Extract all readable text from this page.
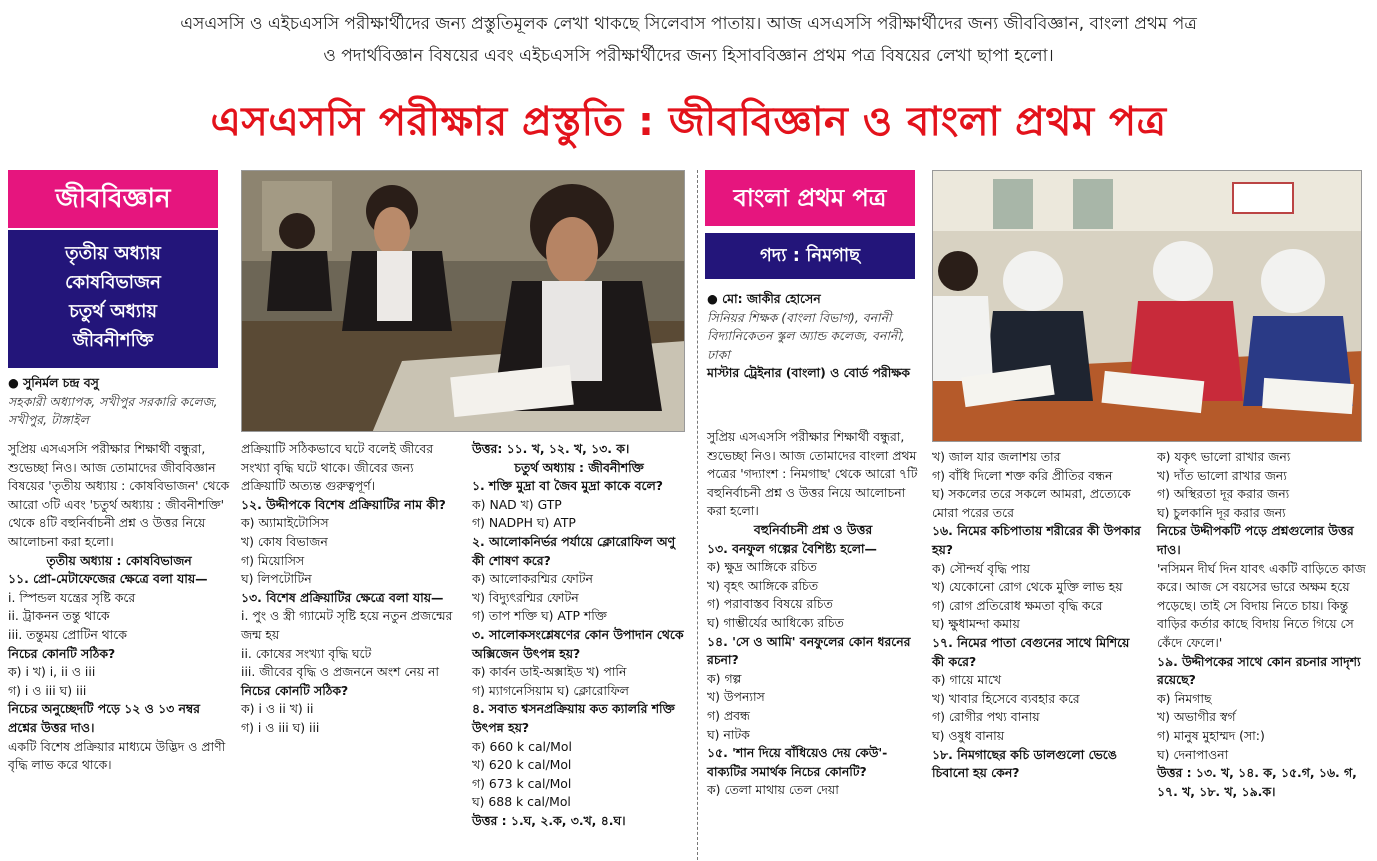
এসএসসি ও এইচএসসি পরীক্ষার্থীদের জন্য প্রস্তুতিমূলক লেখা থাকছে সিলেবাস পাতায়। আজ এসএসসি পরীক্ষার্থীদের জন্য জীববিজ্ঞান, বাংলা প্রথম পত্র
ও পদার্থবিজ্ঞান বিষয়ের এবং এইচএসসি পরীক্ষার্থীদের জন্য হিসাববিজ্ঞান প্রথম পত্র বিষয়ের লেখা ছাপা হলো।
এসএসসি পরীক্ষার প্রস্তুতি : জীববিজ্ঞান ও বাংলা প্রথম পত্র
জীববিজ্ঞান
তৃতীয় অধ্যায়
কোষবিভাজন
চতুর্থ অধ্যায়
জীবনীশক্তি
● সুনির্মল চন্দ্র বসু
সহকারী অধ্যাপক, সখীপুর সরকারি কলেজ, সখীপুর, টাঙ্গাইল

সুপ্রিয় এসএসসি পরীক্ষার শিক্ষার্থী বন্ধুরা, শুভেচ্ছা নিও। আজ তোমাদের জীববিজ্ঞান বিষয়ের 'তৃতীয় অধ্যায় : কোষবিভাজন' থেকে আরো ৩টি এবং 'চতুর্থ অধ্যায় : জীবনীশক্তি' থেকে ৪টি বহুনির্বাচনী প্রশ্ন ও উত্তর নিয়ে আলোচনা করা হলো।

তৃতীয় অধ্যায় : কোষবিভাজন

১১. প্রো-মেটাফেজের ক্ষেত্রে বলা যায়—

i. স্পিন্ডল যন্ত্রের সৃষ্টি করে

ii. ট্রাকনন তন্তু থাকে

iii. তন্তুময় প্রোটিন থাকে

নিচের কোনটি সঠিক?

ক) i খ) i, ii ও iii

গ) i ও iii ঘ) iii

নিচের অনুচ্ছেদটি পড়ে ১২ ও ১৩ নম্বর প্রশ্নের উত্তর দাও।

একটি বিশেষ প্রক্রিয়ার মাধ্যমে উদ্ভিদ ও প্রাণী বৃদ্ধি লাভ করে থাকে।

প্রক্রিয়াটি সঠিকভাবে ঘটে বলেই জীবের সংখ্যা বৃদ্ধি ঘটে থাকে। জীবের জন্য প্রক্রিয়াটি অত্যন্ত গুরুত্বপূর্ণ।

১২. উদ্দীপকে বিশেষ প্রক্রিয়াটির নাম কী?

ক) অ্যামাইটোসিস

খ) কোষ বিভাজন

গ) মিয়োসিস

ঘ) লিপটোটিন

১৩. বিশেষ প্রক্রিয়াটির ক্ষেত্রে বলা যায়—

i. পুং ও স্ত্রী গ্যামেট সৃষ্টি হয়ে নতুন প্রজন্মের জন্ম হয়

ii. কোষের সংখ্যা বৃদ্ধি ঘটে

iii. জীবের বৃদ্ধি ও প্রজননে অংশ নেয় না

নিচের কোনটি সঠিক?

ক) i ও ii খ) ii

গ) i ও iii ঘ) iii

উত্তর: ১১. খ, ১২. খ, ১৩. ক।

চতুর্থ অধ্যায় : জীবনীশক্তি

১. শক্তি মুদ্রা বা জৈব মুদ্রা কাকে বলে?

ক) NAD খ) GTP

গ) NADPH ঘ) ATP

২. আলোকনির্ভর পর্যায়ে ক্লোরোফিল অণু কী শোষণ করে?

ক) আলোকরশ্মির ফোটন

খ) বিদ্যুৎরশ্মির ফোটন

গ) তাপ শক্তি ঘ) ATP শক্তি

৩. সালোকসংশ্লেষণের কোন উপাদান থেকে অক্সিজেন উৎপন্ন হয়?

ক) কার্বন ডাই-অক্সাইড খ) পানি

গ) ম্যাগনেসিয়াম ঘ) ক্লোরোফিল

৪. সবাত শ্বসনপ্রক্রিয়ায় কত ক্যালরি শক্তি উৎপন্ন হয়?

ক) 660 k cal/Mol

খ) 620 k cal/Mol

গ) 673 k cal/Mol

ঘ) 688 k cal/Mol

উত্তর : ১.ঘ, ২.ক, ৩.খ, ৪.ঘ।

বাংলা প্রথম পত্র
গদ্য : নিমগাছ
● মো: জাকীর হোসেন
সিনিয়র শিক্ষক (বাংলা বিভাগ), বনানী বিদ্যানিকেতন স্কুল অ্যান্ড কলেজ, বনানী, ঢাকা
মাস্টার ট্রেইনার (বাংলা) ও বোর্ড পরীক্ষক

সুপ্রিয় এসএসসি পরীক্ষার শিক্ষার্থী বন্ধুরা, শুভেচ্ছা নিও। আজ তোমাদের বাংলা প্রথম পত্রের 'গদ্যাংশ : নিমগাছ' থেকে আরো ৭টি বহুনির্বাচনী প্রশ্ন ও উত্তর নিয়ে আলোচনা করা হলো।

বহুনির্বাচনী প্রশ্ন ও উত্তর

১৩. বনফুল গল্পের বৈশিষ্ট্য হলো—

ক) ক্ষুদ্র আঙ্গিকে রচিত

খ) বৃহৎ আঙ্গিকে রচিত

গ) পরাবাস্তব বিষয়ে রচিত

ঘ) গাম্ভীর্যের আধিক্যে রচিত

১৪. 'সে ও আমি' বনফুলের কোন ধরনের রচনা?

ক) গল্প

খ) উপন্যাস

গ) প্রবন্ধ

ঘ) নাটক

১৫. 'শান দিয়ে বাঁধিয়েও দেয় কেউ'- বাক্যটির সমার্থক নিচের কোনটি?

ক) তেলা মাথায় তেল দেয়া

খ) জাল যার জলাশয় তার

গ) বাঁধি দিলো শক্ত করি প্রীতির বন্ধন

ঘ) সকলের তরে সকলে আমরা, প্রত্যেকে মোরা পরের তরে

১৬. নিমের কচিপাতায় শরীরের কী উপকার হয়?

ক) সৌন্দর্য বৃদ্ধি পায়

খ) যেকোনো রোগ থেকে মুক্তি লাভ হয়

গ) রোগ প্রতিরোধ ক্ষমতা বৃদ্ধি করে

ঘ) ক্ষুধামন্দা কমায়

১৭. নিমের পাতা বেগুনের সাথে মিশিয়ে কী করে?

ক) গায়ে মাখে

খ) খাবার হিসেবে ব্যবহার করে

গ) রোগীর পথ্য বানায়

ঘ) ওষুধ বানায়

১৮. নিমগাছের কচি ডালগুলো ভেঙে চিবানো হয় কেন?

ক) যকৃৎ ভালো রাখার জন্য

খ) দাঁত ভালো রাখার জন্য

গ) অস্থিরতা দূর করার জন্য

ঘ) চুলকানি দূর করার জন্য

নিচের উদ্দীপকটি পড়ে প্রশ্নগুলোর উত্তর দাও।

'নসিমন দীর্ঘ দিন যাবৎ একটি বাড়িতে কাজ করে। আজ সে বয়সের ভারে অক্ষম হয়ে পড়েছে। তাই সে বিদায় নিতে চায়। কিন্তু বাড়ির কর্তার কাছে বিদায় নিতে গিয়ে সে কেঁদে ফেলে।'

১৯. উদ্দীপকের সাথে কোন রচনার সাদৃশ্য রয়েছে?

ক) নিমগাছ

খ) অভাগীর স্বর্গ

গ) মানুষ মুহাম্মদ (সা:)

ঘ) দেনাপাওনা

উত্তর : ১৩. খ, ১৪. ক, ১৫.গ, ১৬. গ, ১৭. খ, ১৮. খ, ১৯.ক।
